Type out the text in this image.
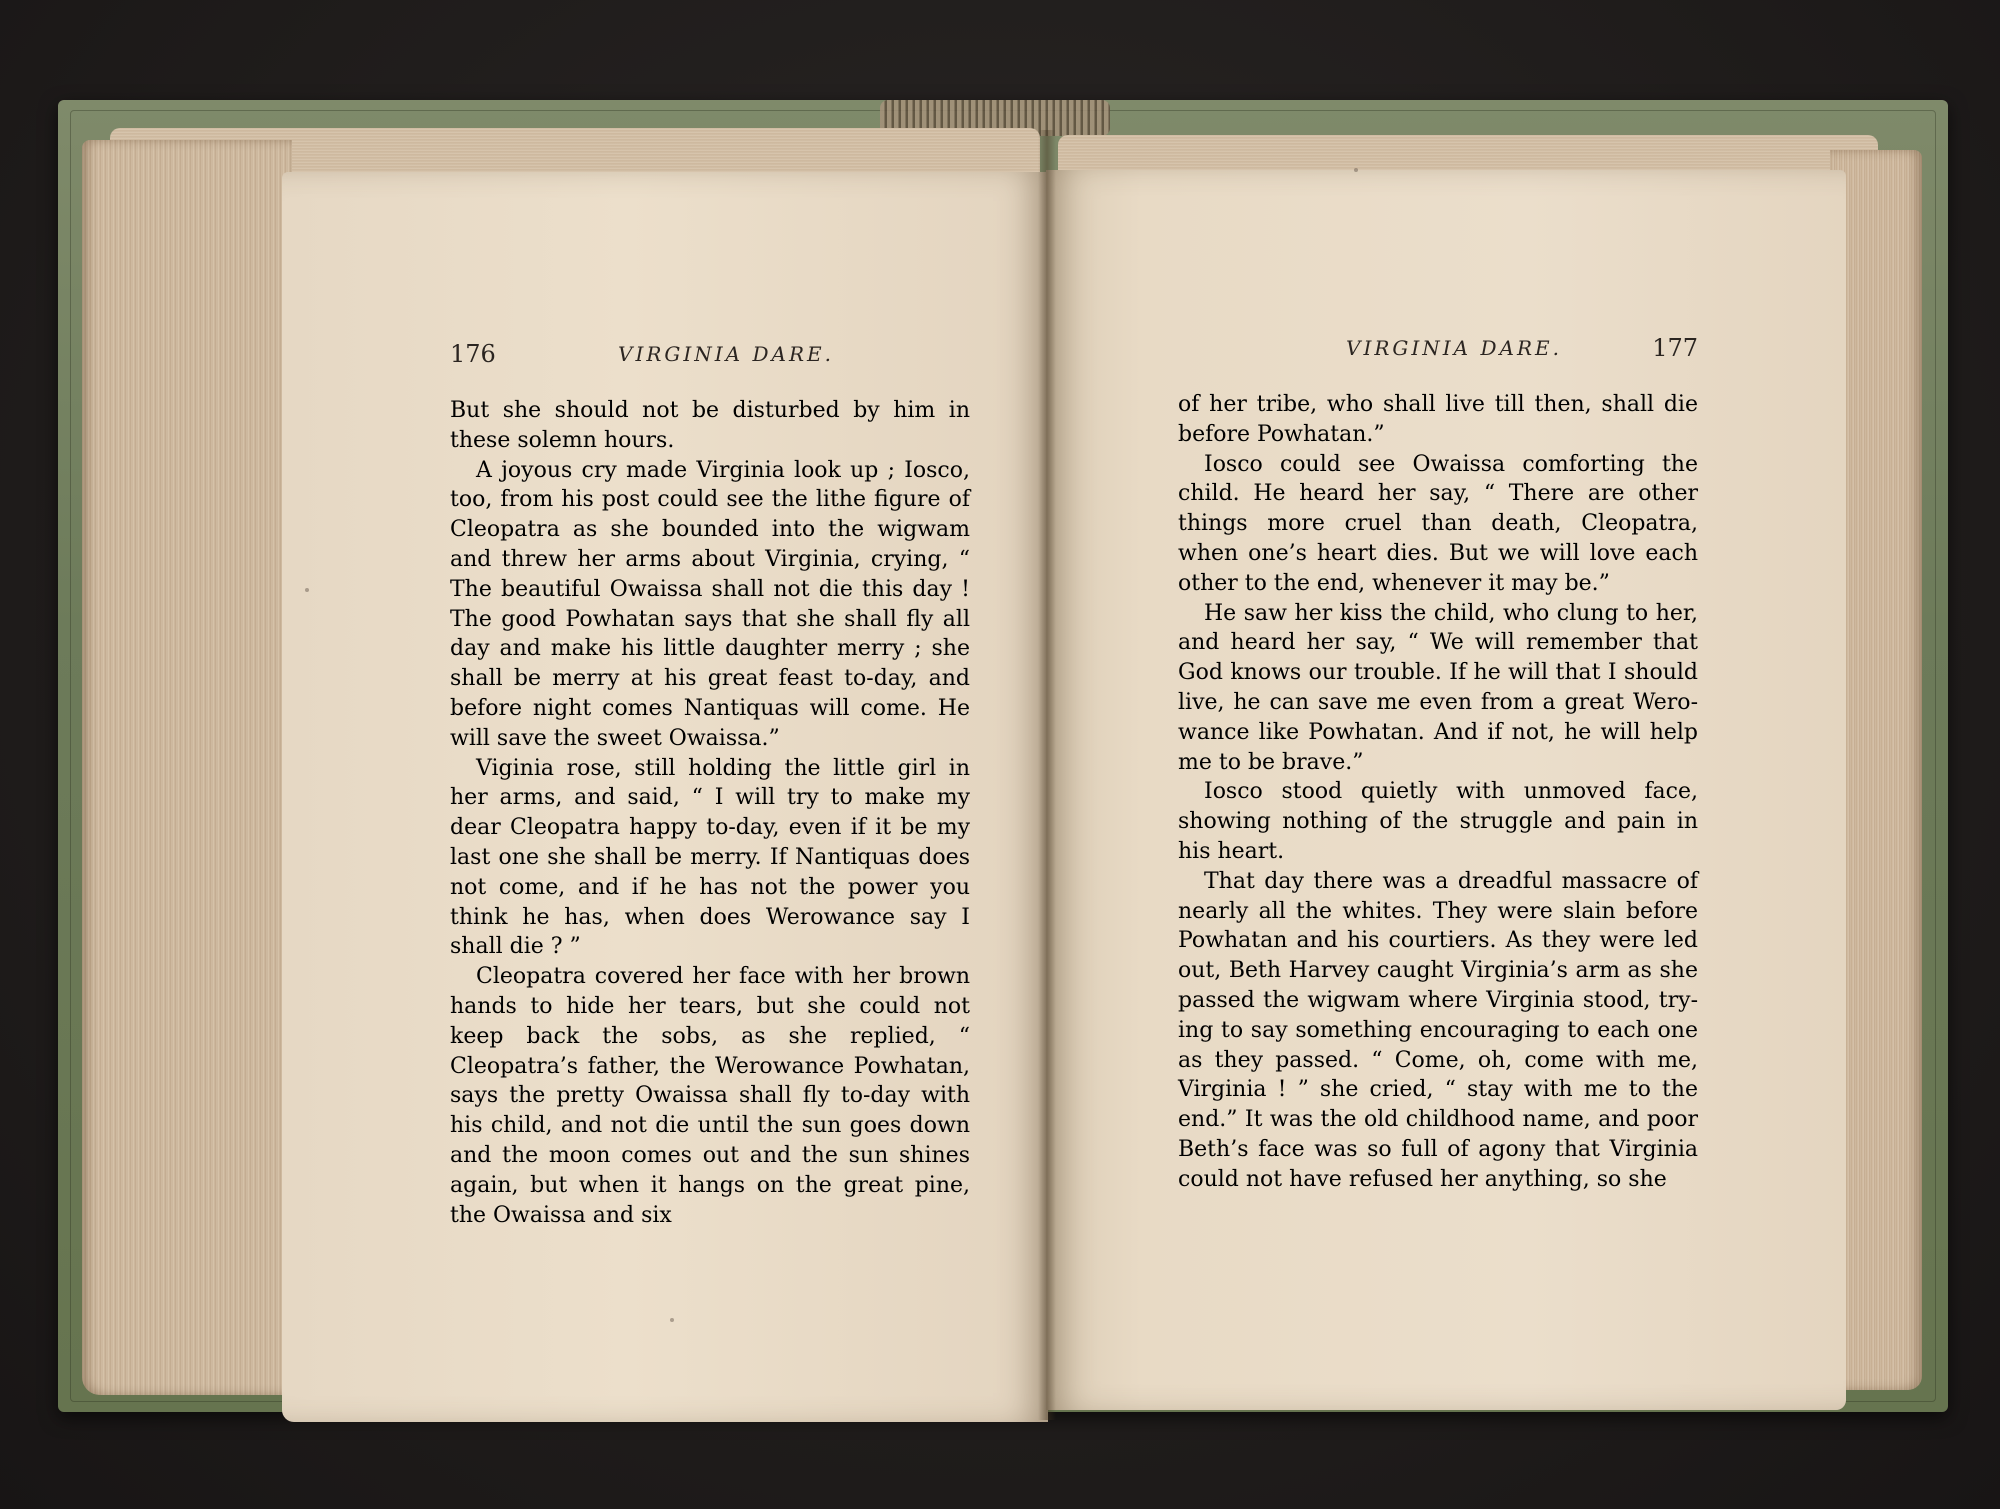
176	VIRGINIA DARE.

But she should not be disturbed by him in these solemn hours.

A joyous cry made Virginia look up ; Iosco, too, from his post could see the lithe figure of Cleopatra as she bounded into the wigwam and threw her arms about Virginia, crying, “ The beautiful Owaissa shall not die this day ! The good Powhatan says that she shall fly all day and make his little daughter merry ; she shall be merry at his great feast to-day, and before night comes Nantiquas will come. He will save the sweet Owaissa.”

Viginia rose, still holding the little girl in her arms, and said, “ I will try to make my dear Cleopatra happy to-day, even if it be my last one she shall be merry. If Nantiquas does not come, and if he has not the power you think he has, when does Werowance say I shall die ? ”

Cleopatra covered her face with her brown hands to hide her tears, but she could not keep back the sobs, as she replied, “ Cleopatra’s father, the Werowance Powhatan, says the pretty Owaissa shall fly to-day with his child, and not die until the sun goes down and the moon comes out and the sun shines again, but when it hangs on the great pine, the Owaissa and six

VIRGINIA DARE.	177

of her tribe, who shall live till then, shall die before Powhatan.”

Iosco could see Owaissa comforting the child. He heard her say, “ There are other things more cruel than death, Cleopatra, when one’s heart dies. But we will love each other to the end, whenever it may be.”

He saw her kiss the child, who clung to her, and heard her say, “ We will remember that God knows our trouble. If he will that I should live, he can save me even from a great Werowance like Powhatan. And if not, he will help me to be brave.”

Iosco stood quietly with unmoved face, showing nothing of the struggle and pain in his heart.

That day there was a dreadful massacre of nearly all the whites. They were slain before Powhatan and his courtiers. As they were led out, Beth Harvey caught Virginia’s arm as she passed the wigwam where Virginia stood, trying to say something encouraging to each one as they passed. “ Come, oh, come with me, Virginia ! ” she cried, “ stay with me to the end.” It was the old childhood name, and poor Beth’s face was so full of agony that Virginia could not have refused her anything, so she
